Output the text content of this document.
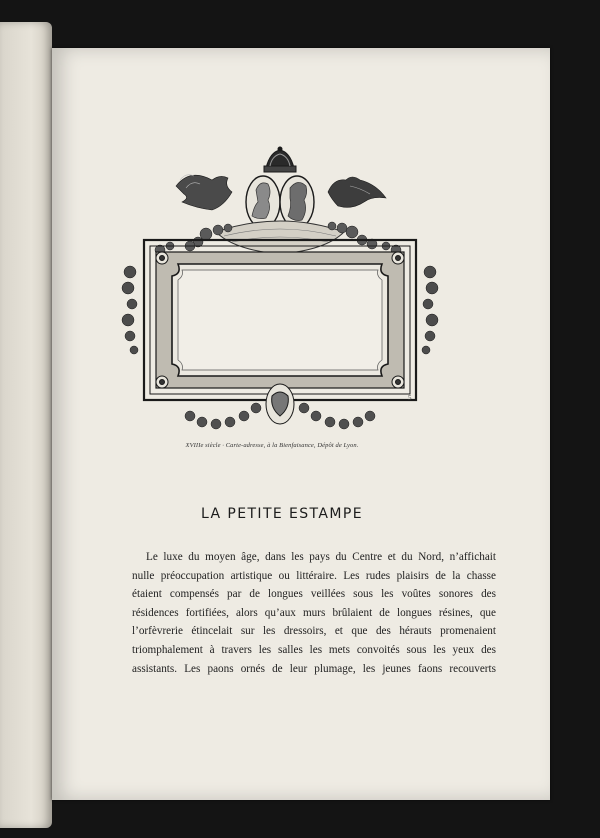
5
XVIIIe siècle · Carte-adresse, à la Bienfaisance, Dépôt de Lyon.
LA PETITE ESTAMPE
Le luxe du moyen âge, dans les pays du Centre et du Nord, n’affichait
nulle préoccupation artistique ou littéraire. Les rudes plaisirs de la chasse
étaient compensés par de longues veillées sous les voûtes sonores des
résidences fortifiées, alors qu’aux murs brûlaient de longues résines, que
l’orfèvrerie étincelait sur les dressoirs, et que des hérauts promenaient
triomphalement à travers les salles les mets convoités sous les yeux des
assistants. Les paons ornés de leur plumage, les jeunes faons recouverts
